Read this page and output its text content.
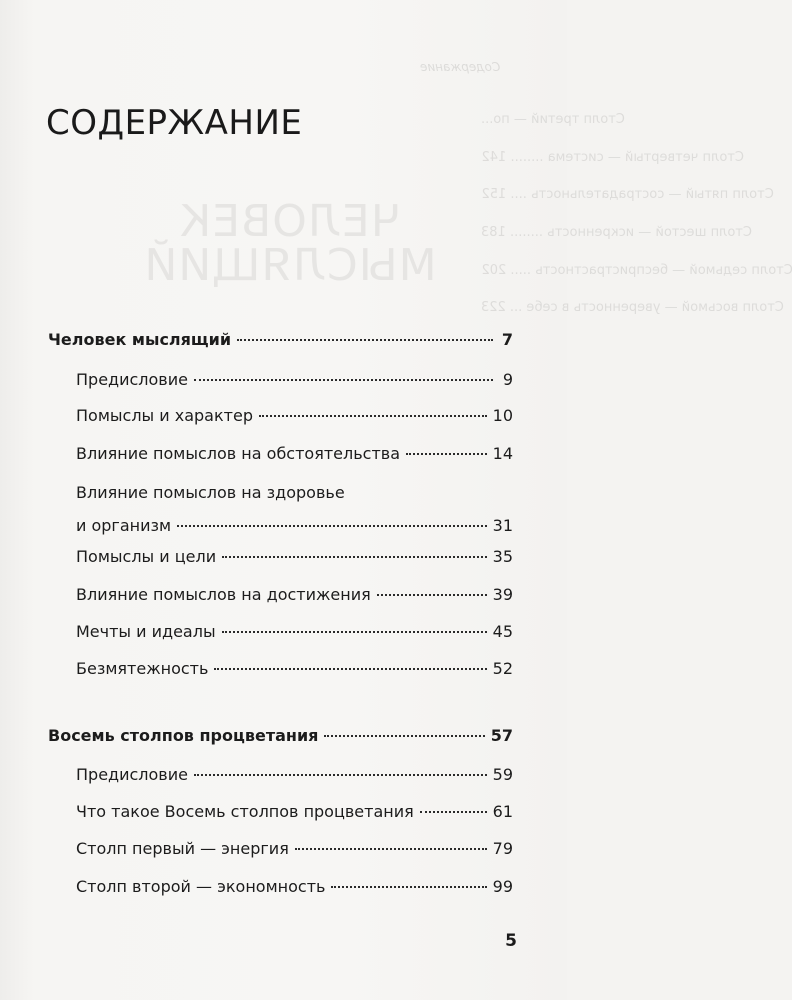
Содержание
Столп третий — по...
Столп четвертый — система ........ 142
Столп пятый — сострадательность .... 152
Столп шестой — искренность ........ 183
Столп седьмой — беспристрастность ..... 202
Столп восьмой — уверенность в себе ... 223
ЧЕЛОВЕК МЫСЛЯЩИЙ
СОДЕРЖАНИЕ
Человек мыслящий	7
Предисловие	9
Помыслы и характер	10
Влияние помыслов на обстоятельства	14
Влияние помыслов на здоровье
и организм	31
Помыслы и цели	35
Влияние помыслов на достижения	39
Мечты и идеалы	45
Безмятежность	52
Восемь столпов процветания	57
Предисловие	59
Что такое Восемь столпов процветания	61
Столп первый — энергия	79
Столп второй — экономность	99
5
